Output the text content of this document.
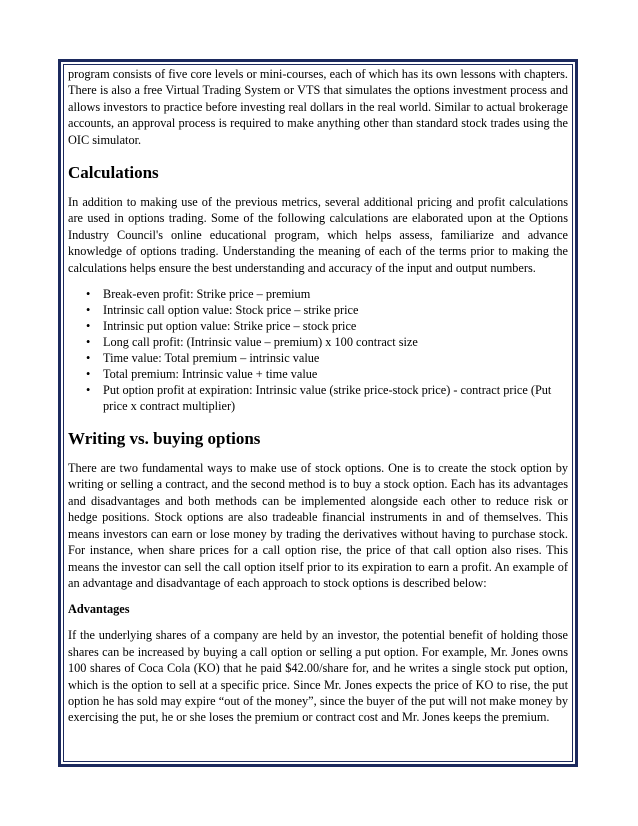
program consists of five core levels or mini-courses, each of which has its own lessons with chapters. There is also a free Virtual Trading System or VTS that simulates the options investment process and allows investors to practice before investing real dollars in the real world. Similar to actual brokerage accounts, an approval process is required to make anything other than standard stock trades using the OIC simulator.

Calculations

In addition to making use of the previous metrics, several additional pricing and profit calculations are used in options trading. Some of the following calculations are elaborated upon at the Options Industry Council's online educational program, which helps assess, familiarize and advance knowledge of options trading. Understanding the meaning of each of the terms prior to making the calculations helps ensure the best understanding and accuracy of the input and output numbers.

• Break-even profit: Strike price – premium
• Intrinsic call option value: Stock price – strike price
• Intrinsic put option value: Strike price – stock price
• Long call profit: (Intrinsic value – premium) x 100 contract size
• Time value: Total premium – intrinsic value
• Total premium: Intrinsic value + time value
• Put option profit at expiration: Intrinsic value (strike price-stock price) - contract price (Put price x contract multiplier)
Writing vs. buying options

There are two fundamental ways to make use of stock options. One is to create the stock option by writing or selling a contract, and the second method is to buy a stock option. Each has its advantages and disadvantages and both methods can be implemented alongside each other to reduce risk or hedge positions. Stock options are also tradeable financial instruments in and of themselves. This means investors can earn or lose money by trading the derivatives without having to purchase stock. For instance, when share prices for a call option rise, the price of that call option also rises. This means the investor can sell the call option itself prior to its expiration to earn a profit. An example of an advantage and disadvantage of each approach to stock options is described below:

Advantages

If the underlying shares of a company are held by an investor, the potential benefit of holding those shares can be increased by buying a call option or selling a put option. For example, Mr. Jones owns 100 shares of Coca Cola (KO) that he paid $42.00/share for, and he writes a single stock put option, which is the option to sell at a specific price. Since Mr. Jones expects the price of KO to rise, the put option he has sold may expire “out of the money”, since the buyer of the put will not make money by exercising the put, he or she loses the premium or contract cost and Mr. Jones keeps the premium.
